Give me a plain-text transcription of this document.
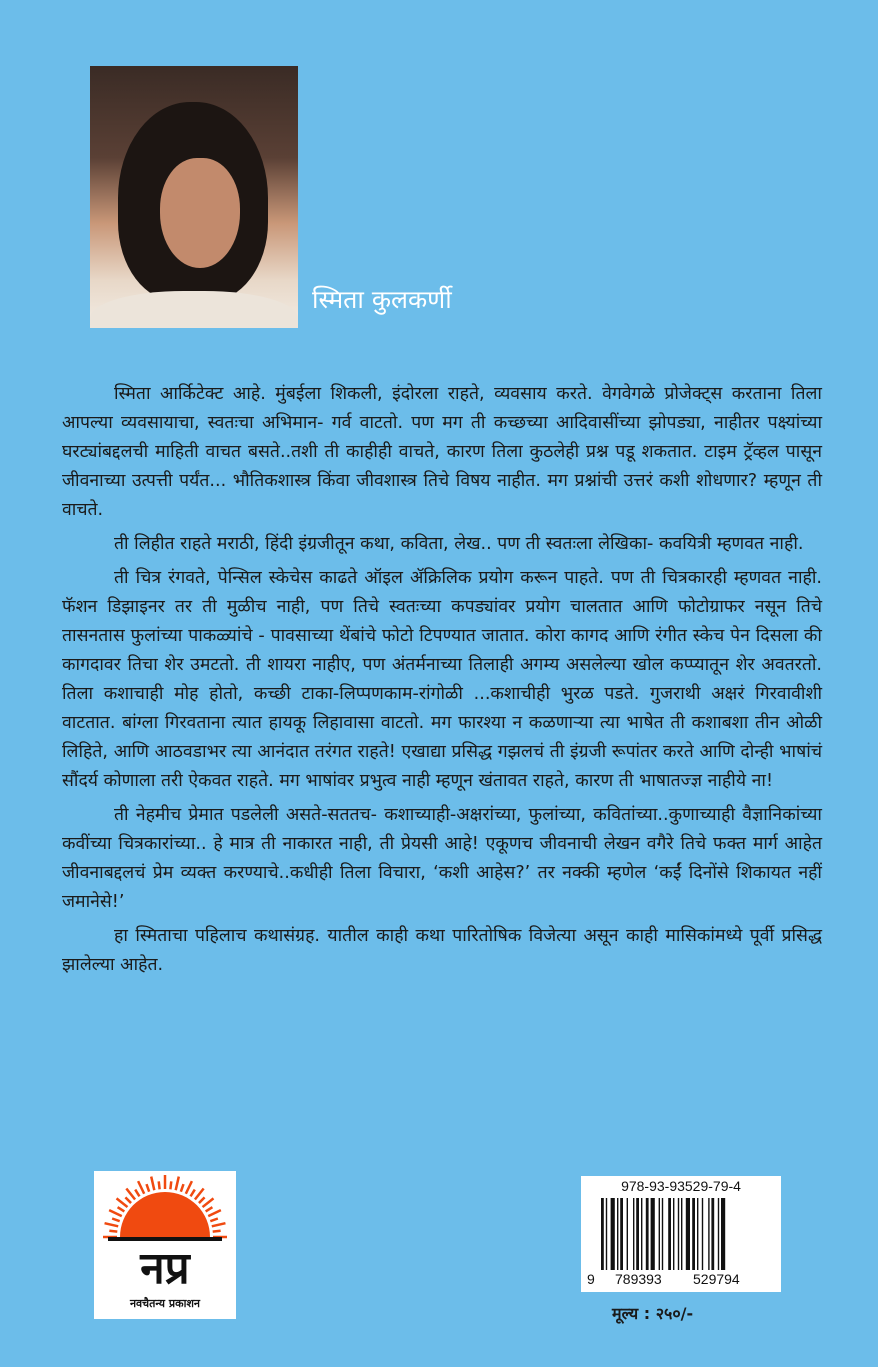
स्मिता कुलकर्णी

स्मिता आर्किटेक्ट आहे. मुंबईला शिकली, इंदोरला राहते, व्यवसाय करते. वेगवेगळे प्रोजेक्ट्स करताना तिला आपल्या व्यवसायाचा, स्वतःचा अभिमान- गर्व वाटतो. पण मग ती कच्छच्या आदिवासींच्या झोपड्या, नाहीतर पक्ष्यांच्या घरट्यांबद्दलची माहिती वाचत बसते..तशी ती काहीही वाचते, कारण तिला कुठलेही प्रश्न पडू शकतात. टाइम ट्रॅव्हल पासून जीवनाच्या उत्पत्ती पर्यंत... भौतिकशास्त्र किंवा जीवशास्त्र तिचे विषय नाहीत. मग प्रश्नांची उत्तरं कशी शोधणार? म्हणून ती वाचते.

ती लिहीत राहते मराठी, हिंदी इंग्रजीतून कथा, कविता, लेख.. पण ती स्वतःला लेखिका- कवयित्री म्हणवत नाही.

ती चित्र रंगवते, पेन्सिल स्केचेस काढते ऑइल ॲक्रिलिक प्रयोग करून पाहते. पण ती चित्रकारही म्हणवत नाही. फॅशन डिझाइनर तर ती मुळीच नाही, पण तिचे स्वतःच्या कपड्यांवर प्रयोग चालतात आणि फोटोग्राफर नसून तिचे तासनतास फुलांच्या पाकळ्यांचे - पावसाच्या थेंबांचे फोटो टिपण्यात जातात. कोरा कागद आणि रंगीत स्केच पेन दिसला की कागदावर तिचा शेर उमटतो. ती शायरा नाहीए, पण अंतर्मनाच्या तिलाही अगम्य असलेल्या खोल कप्प्यातून शेर अवतरतो. तिला कशाचाही मोह होतो, कच्छी टाका-लिप्पणकाम-रांगोळी ...कशाचीही भुरळ पडते. गुजराथी अक्षरं गिरवावीशी वाटतात. बांग्ला गिरवताना त्यात हायकू लिहावासा वाटतो. मग फारश्या न कळणाऱ्या त्या भाषेत ती कशाबशा तीन ओळी लिहिते, आणि आठवडाभर त्या आनंदात तरंगत राहते! एखाद्या प्रसिद्ध गझलचं ती इंग्रजी रूपांतर करते आणि दोन्ही भाषांचं सौंदर्य कोणाला तरी ऐकवत राहते. मग भाषांवर प्रभुत्व नाही म्हणून खंतावत राहते, कारण ती भाषातज्ज्ञ नाहीये ना!

ती नेहमीच प्रेमात पडलेली असते-सततच- कशाच्याही-अक्षरांच्या, फुलांच्या, कवितांच्या..कुणाच्याही वैज्ञानिकांच्या कवींच्या चित्रकारांच्या.. हे मात्र ती नाकारत नाही, ती प्रेयसी आहे! एकूणच जीवनाची लेखन वगैरे तिचे फक्त मार्ग आहेत जीवनाबद्दलचं प्रेम व्यक्त करण्याचे..कधीही तिला विचारा, ‘कशी आहेस?’ तर नक्की म्हणेल ‘कईं दिनोंसे शिकायत नहीं जमानेसे!’

हा स्मिताचा पहिलाच कथासंग्रह. यातील काही कथा पारितोषिक विजेत्या असून काही मासिकांमध्ये पूर्वी प्रसिद्ध झालेल्या आहेत.

नप्र
नवचैतन्य प्रकाशन
978-93-93529-79-4
9 789393 529794
मूल्य : २५०/-
